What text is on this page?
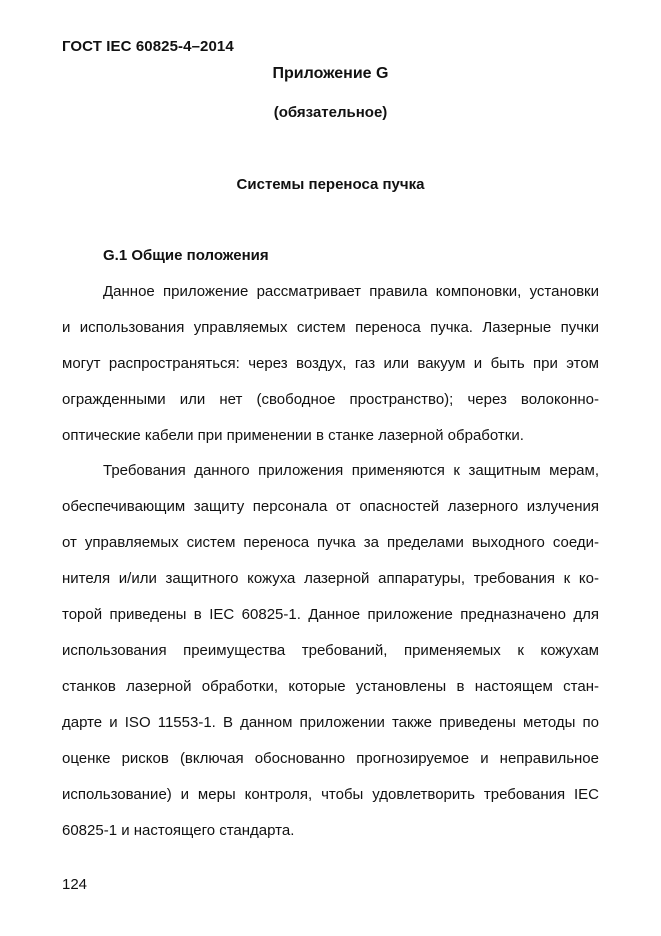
ГОСТ IEC 60825-4–2014
Приложение G
(обязательное)
Системы переноса пучка
G.1 Общие положения
Данное приложение рассматривает правила компоновки, установки
и использования управляемых систем переноса пучка. Лазерные пучки
могут распространяться: через воздух, газ или вакуум и быть при этом
огражденными или нет (свободное пространство); через волоконно-
оптические кабели при применении в станке лазерной обработки.
Требования данного приложения применяются к защитным мерам,
обеспечивающим защиту персонала от опасностей лазерного излучения
от управляемых систем переноса пучка за пределами выходного соеди-
нителя и/или защитного кожуха лазерной аппаратуры, требования к ко-
торой приведены в IEC 60825-1. Данное приложение предназначено для
использования преимущества требований, применяемых к кожухам
станков лазерной обработки, которые установлены в настоящем стан-
дарте и ISO 11553-1. В данном приложении также приведены методы по
оценке рисков (включая обоснованно прогнозируемое и неправильное
использование) и меры контроля, чтобы удовлетворить требования IEC
60825-1 и настоящего стандарта.
124
